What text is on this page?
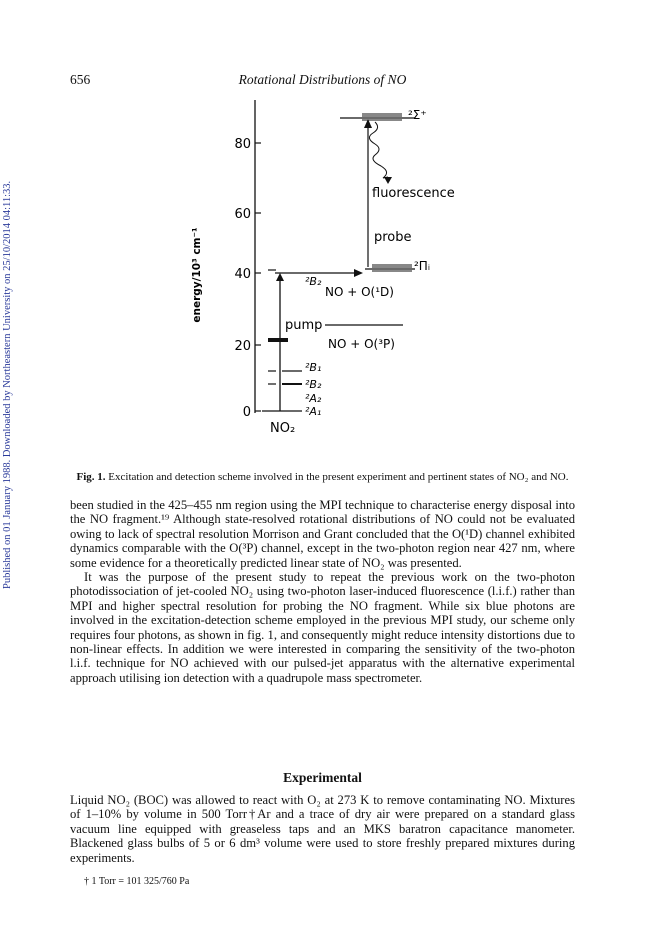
Published on 01 January 1988. Downloaded by Northeastern University on 25/10/2014 04:11:33.
656	Rotational Distributions of NO
80
60
40
20
0
energy/10³ cm⁻¹
²Σ⁺
fluorescence
probe
²Πᵢ
²B₂
NO + O(¹D)
NO + O(³P)
pump
²B₁
²B₂
²A₂
²A₁
NO₂
Fig. 1. Excitation and detection scheme involved in the present experiment and pertinent states of NO₂ and NO.

been studied in the 425–455 nm region using the MPI technique to characterise energy disposal into the NO fragment.¹⁹ Although state-resolved rotational distributions of NO could not be evaluated owing to lack of spectral resolution Morrison and Grant concluded that the O(¹D) channel exhibited dynamics comparable with the O(³P) channel, except in the two-photon region near 427 nm, where some evidence for a theoretically predicted linear state of NO₂ was presented.

It was the purpose of the present study to repeat the previous work on the two-photon photodissociation of jet-cooled NO₂ using two-photon laser-induced fluorescence (l.i.f.) rather than MPI and higher spectral resolution for probing the NO fragment. While six blue photons are involved in the excitation-detection scheme employed in the previous MPI study, our scheme only requires four photons, as shown in fig. 1, and consequently might reduce intensity distortions due to non-linear effects. In addition we were interested in comparing the sensitivity of the two-photon l.i.f. technique for NO achieved with our pulsed-jet apparatus with the alternative experimental approach utilising ion detection with a quadrupole mass spectrometer.

Experimental

Liquid NO₂ (BOC) was allowed to react with O₂ at 273 K to remove contaminating NO. Mixtures of 1–10% by volume in 500 Torr†Ar and a trace of dry air were prepared on a standard glass vacuum line equipped with greaseless taps and an MKS baratron capacitance manometer. Blackened glass bulbs of 5 or 6 dm³ volume were used to store freshly prepared mixtures during experiments.

† 1 Torr = 101 325/760 Pa
